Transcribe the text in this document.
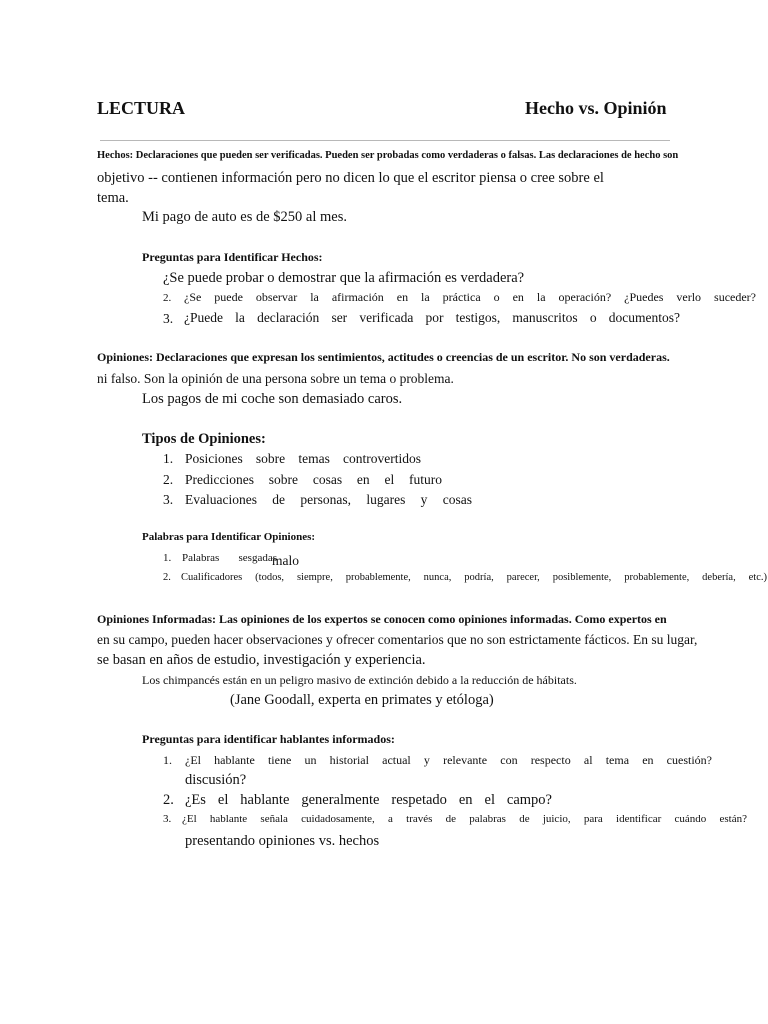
LECTURA	Hecho vs. Opinión
Hechos: Declaraciones que pueden ser verificadas. Pueden ser probadas como verdaderas o falsas. Las declaraciones de hecho son
objetivo -- contienen información pero no dicen lo que el escritor piensa o cree sobre el
tema.
Mi pago de auto es de $250 al mes.
Preguntas para Identificar Hechos:
¿Se puede probar o demostrar que la afirmación es verdadera?
2. ¿Se puede observar la afirmación en la práctica o en la operación? ¿Puedes verlo suceder?
3. ¿Puede la declaración ser verificada por testigos, manuscritos o documentos?
Opiniones: Declaraciones que expresan los sentimientos, actitudes o creencias de un escritor. No son verdaderas.
ni falso. Son la opinión de una persona sobre un tema o problema.
Los pagos de mi coche son demasiado caros.
Tipos de Opiniones:
1. Posiciones sobre temas controvertidos
2. Predicciones sobre cosas en el futuro
3. Evaluaciones de personas, lugares y cosas
Palabras para Identificar Opiniones:
1. Palabras sesgadas
malo
2. Cualificadores (todos, siempre, probablemente, nunca, podría, parecer, posiblemente, probablemente, debería, etc.)
Opiniones Informadas: Las opiniones de los expertos se conocen como opiniones informadas. Como expertos en
en su campo, pueden hacer observaciones y ofrecer comentarios que no son estrictamente fácticos. En su lugar,
se basan en años de estudio, investigación y experiencia.
Los chimpancés están en un peligro masivo de extinción debido a la reducción de hábitats.
(Jane Goodall, experta en primates y etóloga)
Preguntas para identificar hablantes informados:
1. ¿El hablante tiene un historial actual y relevante con respecto al tema en cuestión?
discusión?
2. ¿Es el hablante generalmente respetado en el campo?
3. ¿El hablante señala cuidadosamente, a través de palabras de juicio, para identificar cuándo están?
presentando opiniones vs. hechos
